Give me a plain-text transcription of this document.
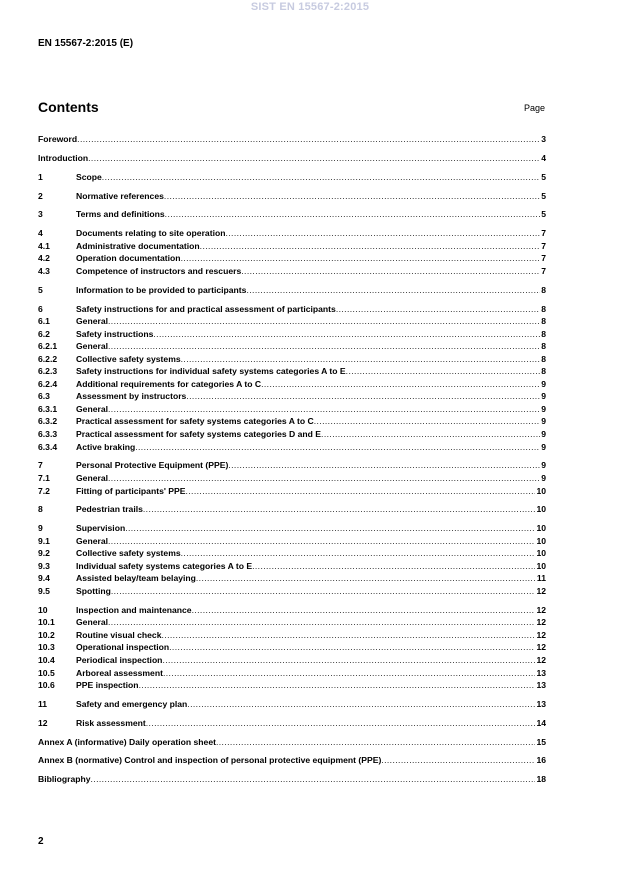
SIST EN 15567-2:2015
EN 15567-2:2015 (E)
Contents	Page
Foreword .....	3
Introduction .....	4
1	Scope .....	5
2	Normative references .....	5
3	Terms and definitions .....	5
4	Documents relating to site operation .....	7
4.1	Administrative documentation .....	7
4.2	Operation documentation .....	7
4.3	Competence of instructors and rescuers .....	7
5	Information to be provided to participants .....	8
6	Safety instructions for and practical assessment of participants .....	8
6.1	General .....	8
6.2	Safety instructions .....	8
6.2.1	General .....	8
6.2.2	Collective safety systems .....	8
6.2.3	Safety instructions for individual safety systems categories A to E .....	8
6.2.4	Additional requirements for categories A to C .....	9
6.3	Assessment by instructors .....	9
6.3.1	General .....	9
6.3.2	Practical assessment for safety systems categories A to C .....	9
6.3.3	Practical assessment for safety systems categories D and E .....	9
6.3.4	Active braking .....	9
7	Personal Protective Equipment (PPE) .....	9
7.1	General .....	9
7.2	Fitting of participants' PPE .....	10
8	Pedestrian trails .....	10
9	Supervision .....	10
9.1	General .....	10
9.2	Collective safety systems .....	10
9.3	Individual safety systems categories A to E .....	10
9.4	Assisted belay/team belaying .....	11
9.5	Spotting .....	12
10	Inspection and maintenance .....	12
10.1	General .....	12
10.2	Routine visual check .....	12
10.3	Operational inspection .....	12
10.4	Periodical inspection .....	12
10.5	Arboreal assessment .....	13
10.6	PPE inspection .....	13
11	Safety and emergency plan .....	13
12	Risk assessment .....	14
Annex A (informative) Daily operation sheet .....	15
Annex B (normative) Control and inspection of personal protective equipment (PPE) .....	16
Bibliography .....	18
2
